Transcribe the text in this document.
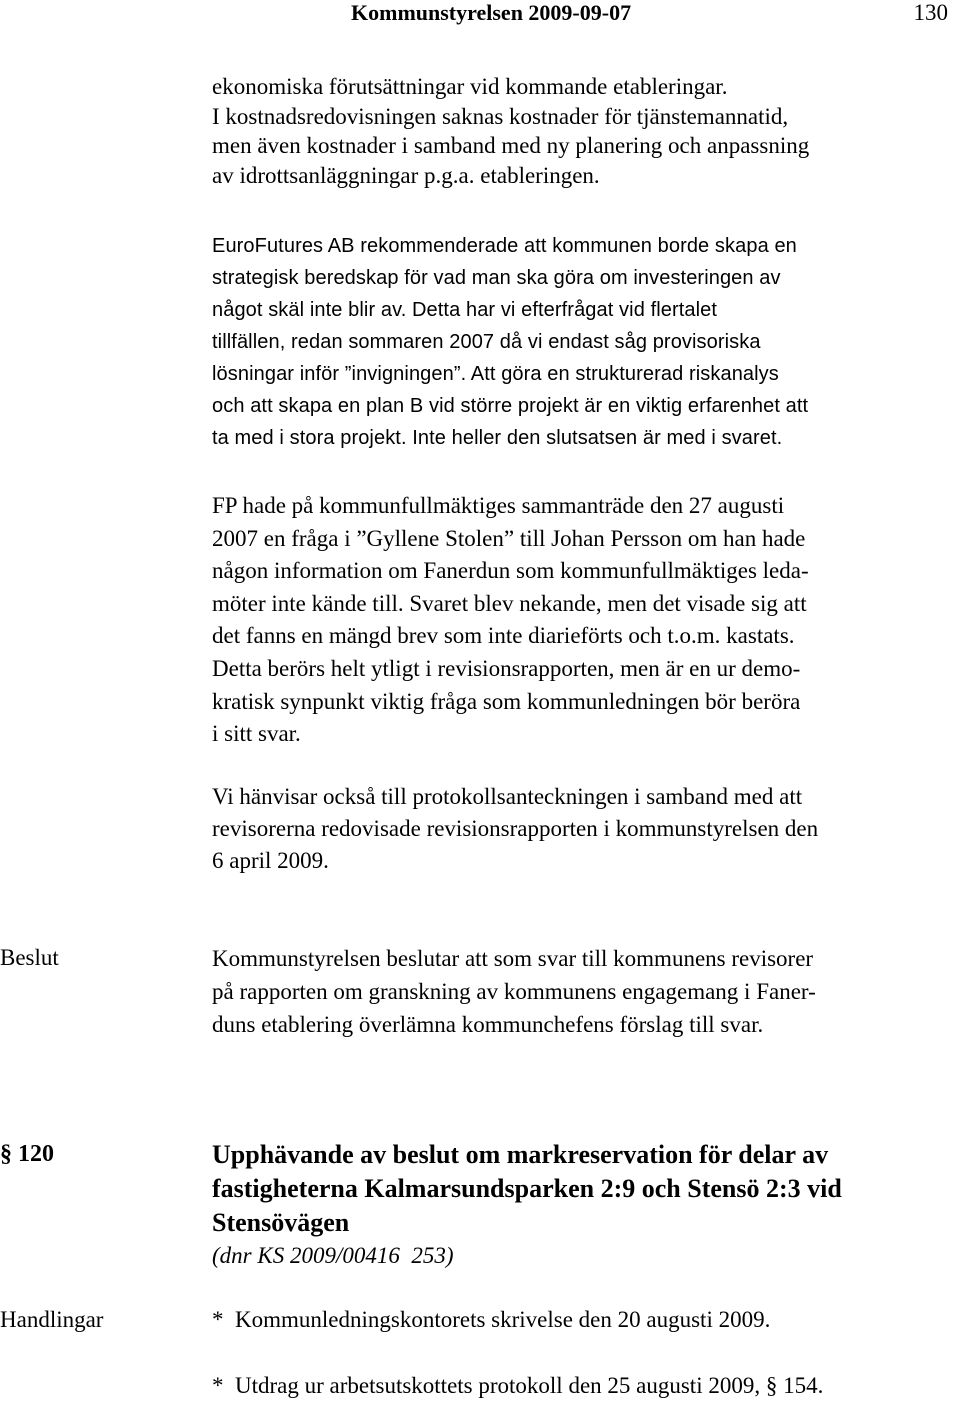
Kommunstyrelsen 2009-09-07	130
ekonomiska förutsättningar vid kommande etableringar.
I kostnadsredovisningen saknas kostnader för tjänstemannatid,
men även kostnader i samband med ny planering och anpassning
av idrottsanläggningar p.g.a. etableringen.
EuroFutures AB rekommenderade att kommunen borde skapa en
strategisk beredskap för vad man ska göra om investeringen av
något skäl inte blir av. Detta har vi efterfrågat vid flertalet
tillfällen, redan sommaren 2007 då vi endast såg provisoriska
lösningar inför ”invigningen”. Att göra en strukturerad riskanalys
och att skapa en plan B vid större projekt är en viktig erfarenhet att
ta med i stora projekt. Inte heller den slutsatsen är med i svaret.
FP hade på kommunfullmäktiges sammanträde den 27 augusti
2007 en fråga i ”Gyllene Stolen” till Johan Persson om han hade
någon information om Fanerdun som kommunfullmäktiges leda-
möter inte kände till. Svaret blev nekande, men det visade sig att
det fanns en mängd brev som inte diarieförts och t.o.m. kastats.
Detta berörs helt ytligt i revisionsrapporten, men är en ur demo-
kratisk synpunkt viktig fråga som kommunledningen bör beröra
i sitt svar.
Vi hänvisar också till protokollsanteckningen i samband med att
revisorerna redovisade revisionsrapporten i kommunstyrelsen den
6 april 2009.
Beslut	Kommunstyrelsen beslutar att som svar till kommunens revisorer
på rapporten om granskning av kommunens engagemang i Faner-
duns etablering överlämna kommunchefens förslag till svar.
§ 120	Upphävande av beslut om markreservation för delar av
fastigheterna Kalmarsundsparken 2:9 och Stensö 2:3 vid
Stensövägen
(dnr KS 2009/00416  253)
Handlingar	*  Kommunledningskontorets skrivelse den 20 augusti 2009.
*  Utdrag ur arbetsutskottets protokoll den 25 augusti 2009, § 154.
